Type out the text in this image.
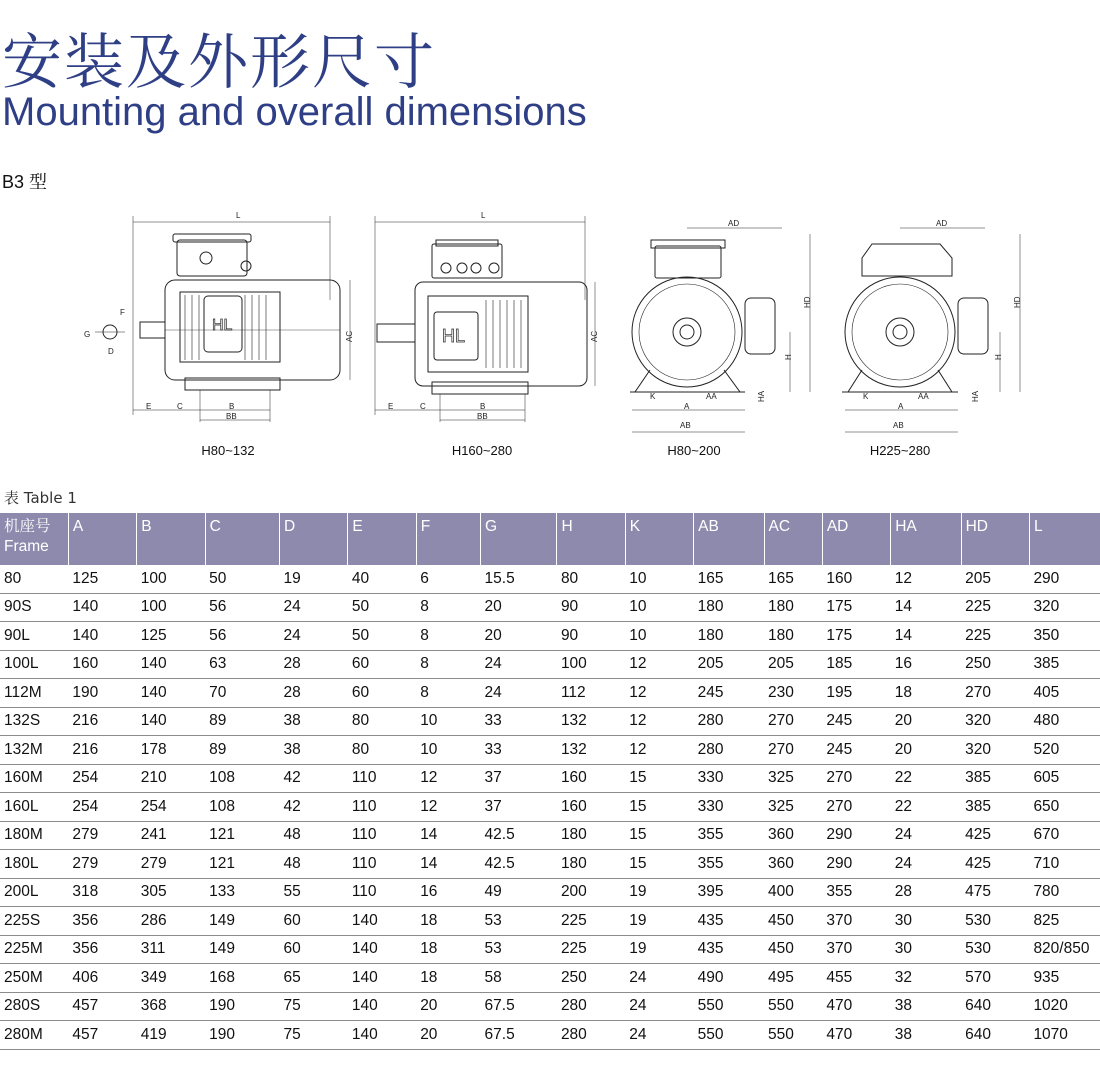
安装及外形尺寸
Mounting and overall dimensions
B3 型
L
HL
F
G
D
AC
E	C	B
BB
L
HL	AC
E	C	B
BB
AD
HD
H
HA
K	AA
A
AB
AD
HD
H
HA
K	AA
A
AB
H80~132	H160~280	H80~200	H225~280
表 Table 1
机座号
Frame	A	B	C	D	E	F	G	H	K	AB	AC	AD	HA	HD	L
80	125	100	50	19	40	6	15.5	80	10	165	165	160	12	205	290
90S	140	100	56	24	50	8	20	90	10	180	180	175	14	225	320
90L	140	125	56	24	50	8	20	90	10	180	180	175	14	225	350
100L	160	140	63	28	60	8	24	100	12	205	205	185	16	250	385
112M	190	140	70	28	60	8	24	112	12	245	230	195	18	270	405
132S	216	140	89	38	80	10	33	132	12	280	270	245	20	320	480
132M	216	178	89	38	80	10	33	132	12	280	270	245	20	320	520
160M	254	210	108	42	110	12	37	160	15	330	325	270	22	385	605
160L	254	254	108	42	110	12	37	160	15	330	325	270	22	385	650
180M	279	241	121	48	110	14	42.5	180	15	355	360	290	24	425	670
180L	279	279	121	48	110	14	42.5	180	15	355	360	290	24	425	710
200L	318	305	133	55	110	16	49	200	19	395	400	355	28	475	780
225S	356	286	149	60	140	18	53	225	19	435	450	370	30	530	825
225M	356	311	149	60	140	18	53	225	19	435	450	370	30	530	820/850
250M	406	349	168	65	140	18	58	250	24	490	495	455	32	570	935
280S	457	368	190	75	140	20	67.5	280	24	550	550	470	38	640	1020
280M	457	419	190	75	140	20	67.5	280	24	550	550	470	38	640	1070
